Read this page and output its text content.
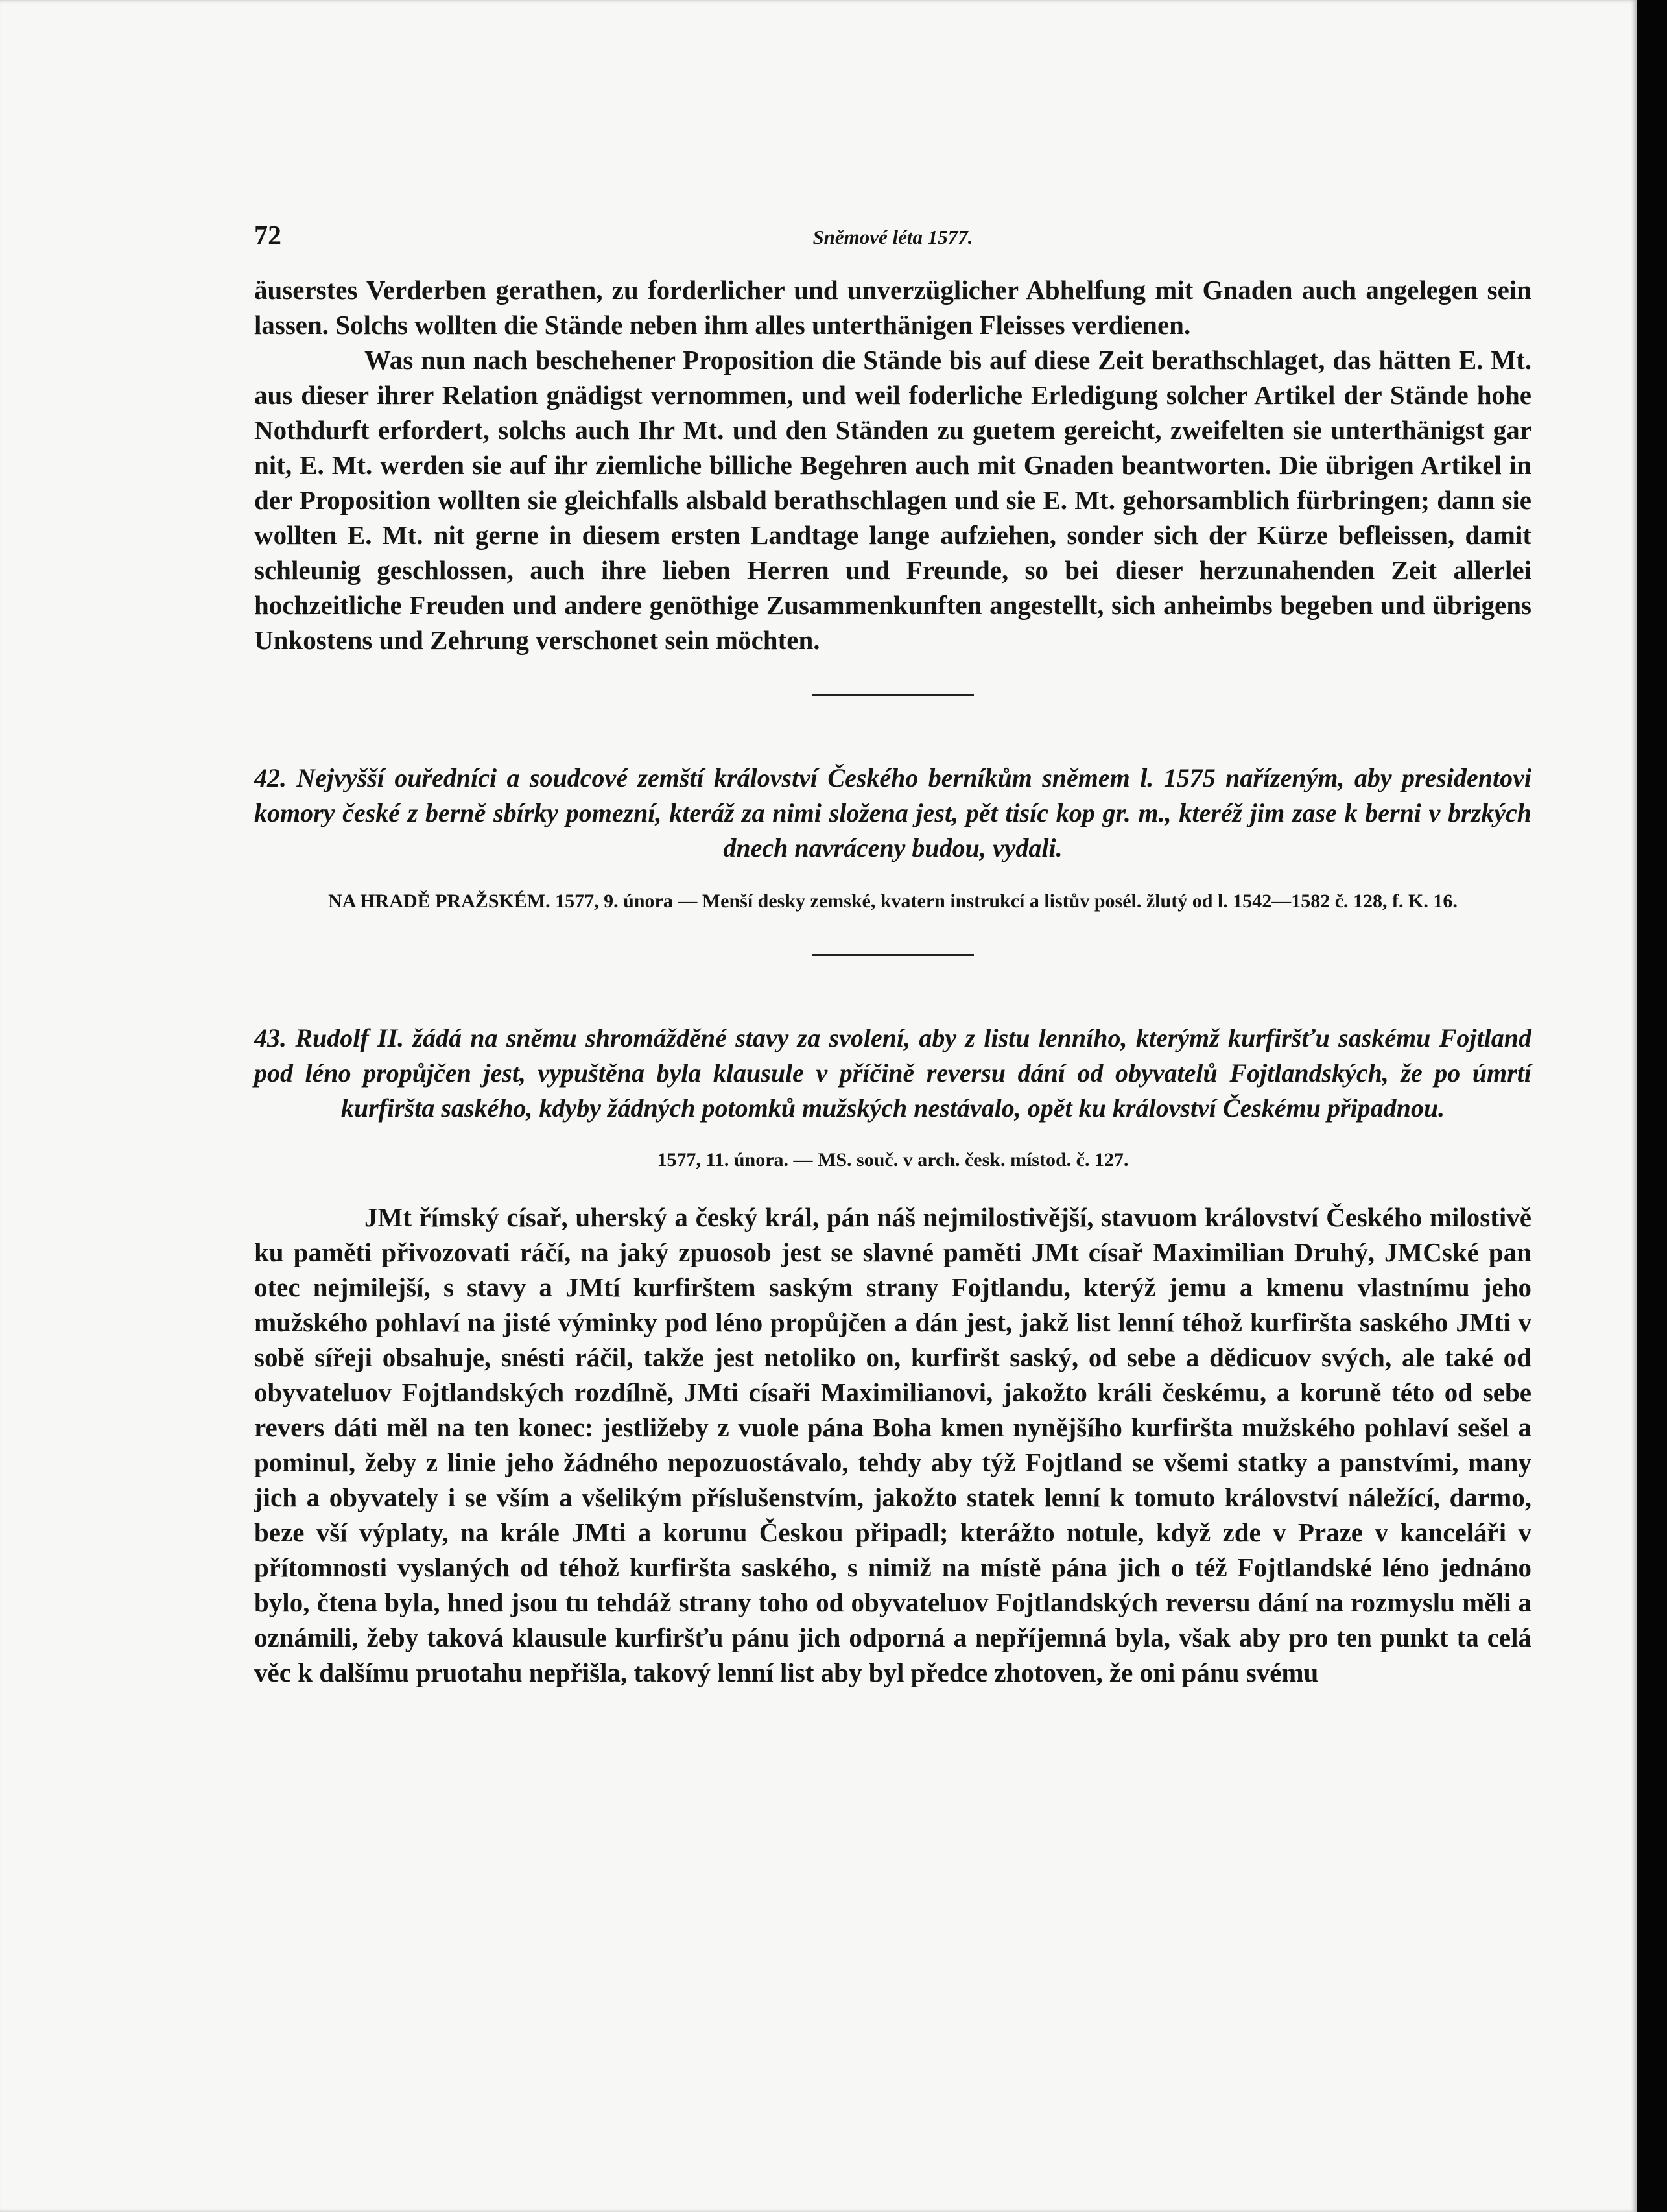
72	Sněmové léta 1577.

äuserstes Verderben gerathen, zu forderlicher und unverzüglicher Abhelfung mit Gnaden auch angelegen sein lassen. Solchs wollten die Stände neben ihm alles unterthänigen Fleisses verdienen.

Was nun nach beschehener Proposition die Stände bis auf diese Zeit berathschlaget, das hätten E. Mt. aus dieser ihrer Relation gnädigst vernommen, und weil foderliche Erledigung solcher Artikel der Stände hohe Nothdurft erfordert, solchs auch Ihr Mt. und den Ständen zu guetem gereicht, zweifelten sie unterthänigst gar nit, E. Mt. werden sie auf ihr ziemliche billiche Begehren auch mit Gnaden beantworten. Die übrigen Artikel in der Proposition wollten sie gleichfalls alsbald berathschlagen und sie E. Mt. gehorsamblich fürbringen; dann sie wollten E. Mt. nit gerne in diesem ersten Landtage lange aufziehen, sonder sich der Kürze befleissen, damit schleunig geschlossen, auch ihre lieben Herren und Freunde, so bei dieser herzunahenden Zeit allerlei hochzeitliche Freuden und andere genöthige Zusammenkunften angestellt, sich anheimbs begeben und übrigens Unkostens und Zehrung verschonet sein möchten.

42. Nejvyšší ouředníci a soudcové zemští království Českého berníkům sněmem l. 1575 nařízeným, aby presidentovi komory české z berně sbírky pomezní, kteráž za nimi složena jest, pět tisíc kop gr. m., kteréž jim zase k berni v brzkých dnech navráceny budou, vydali.
NA HRADĚ PRAŽSKÉM. 1577, 9. února — Menší desky zemské, kvatern instrukcí a listův posél. žlutý od l. 1542—1582 č. 128, f. K. 16.
43. Rudolf II. žádá na sněmu shromážděné stavy za svolení, aby z listu lenního, kterýmž kurfiršťu saskému Fojtland pod léno propůjčen jest, vypuštěna byla klausule v příčině reversu dání od obyvatelů Fojtlandských, že po úmrtí kurfiršta saského, kdyby žádných potomků mužských nestávalo, opět ku království Českému připadnou.
1577, 11. února. — MS. souč. v arch. česk. místod. č. 127.

JMt římský císař, uherský a český král, pán náš nejmilostivější, stavuom království Českého milostivě ku paměti přivozovati ráčí, na jaký zpuosob jest se slavné paměti JMt císař Maximilian Druhý, JMCské pan otec nejmilejší, s stavy a JMtí kurfirštem saským strany Fojtlandu, kterýž jemu a kmenu vlastnímu jeho mužského pohlaví na jisté výminky pod léno propůjčen a dán jest, jakž list lenní téhož kurfiršta saského JMti v sobě sířeji obsahuje, snésti ráčil, takže jest netoliko on, kurfiršt saský, od sebe a dědicuov svých, ale také od obyvateluov Fojtlandských rozdílně, JMti císaři Maximilianovi, jakožto králi českému, a koruně této od sebe revers dáti měl na ten konec: jestližeby z vuole pána Boha kmen nynějšího kurfiršta mužského pohlaví sešel a pominul, žeby z linie jeho žádného nepozuostávalo, tehdy aby týž Fojtland se všemi statky a panstvími, many jich a obyvately i se vším a všelikým příslušenstvím, jakožto statek lenní k tomuto království náležící, darmo, beze vší výplaty, na krále JMti a korunu Českou připadl; kterážto notule, když zde v Praze v kanceláři v přítomnosti vyslaných od téhož kurfiršta saského, s nimiž na místě pána jich o též Fojtlandské léno jednáno bylo, čtena byla, hned jsou tu tehdáž strany toho od obyvateluov Fojtlandských reversu dání na rozmyslu měli a oznámili, žeby taková klausule kurfiršťu pánu jich odporná a nepříjemná byla, však aby pro ten punkt ta celá věc k dalšímu pruotahu nepřišla, takový lenní list aby byl předce zhotoven, že oni pánu svému
